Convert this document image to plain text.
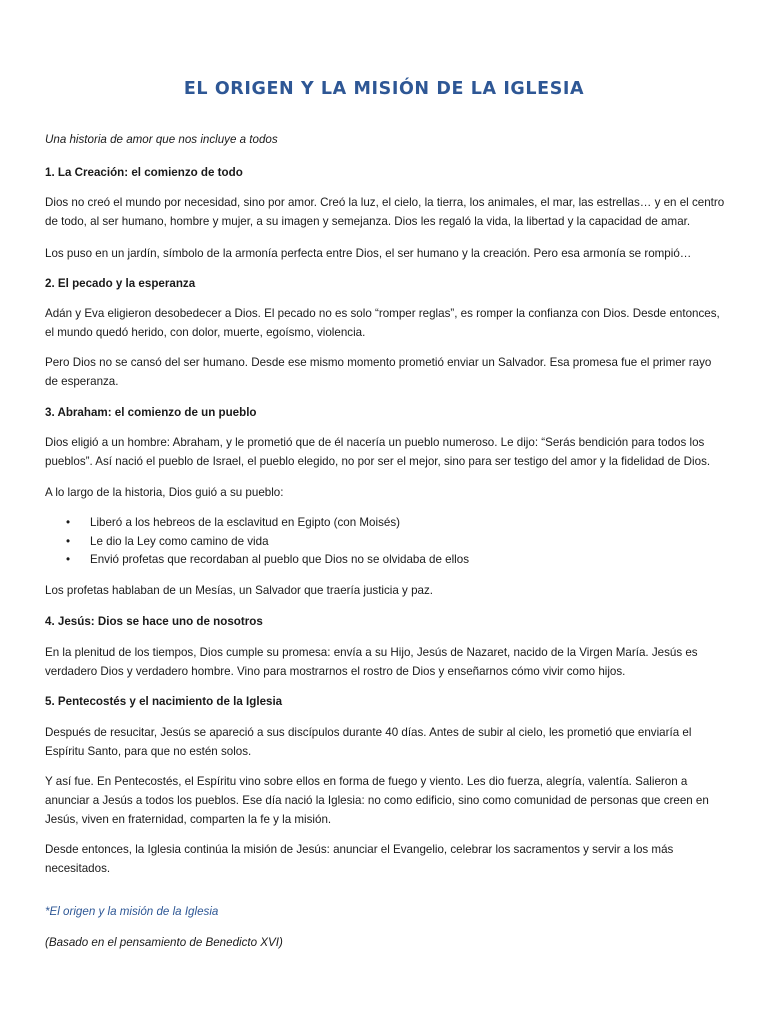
EL ORIGEN Y LA MISIÓN DE LA IGLESIA

Una historia de amor que nos incluye a todos

1. La Creación: el comienzo de todo

Dios no creó el mundo por necesidad, sino por amor. Creó la luz, el cielo, la tierra, los animales, el mar, las estrellas… y en el centro de todo, al ser humano, hombre y mujer, a su imagen y semejanza. Dios les regaló la vida, la libertad y la capacidad de amar.

Los puso en un jardín, símbolo de la armonía perfecta entre Dios, el ser humano y la creación. Pero esa armonía se rompió…

2. El pecado y la esperanza

Adán y Eva eligieron desobedecer a Dios. El pecado no es solo “romper reglas”, es romper la confianza con Dios. Desde entonces, el mundo quedó herido, con dolor, muerte, egoísmo, violencia.

Pero Dios no se cansó del ser humano. Desde ese mismo momento prometió enviar un Salvador. Esa promesa fue el primer rayo de esperanza.

3. Abraham: el comienzo de un pueblo

Dios eligió a un hombre: Abraham, y le prometió que de él nacería un pueblo numeroso. Le dijo: “Serás bendición para todos los pueblos”. Así nació el pueblo de Israel, el pueblo elegido, no por ser el mejor, sino para ser testigo del amor y la fidelidad de Dios.

A lo largo de la historia, Dios guió a su pueblo:

• Liberó a los hebreos de la esclavitud en Egipto (con Moisés)
• Le dio la Ley como camino de vida
• Envió profetas que recordaban al pueblo que Dios no se olvidaba de ellos

Los profetas hablaban de un Mesías, un Salvador que traería justicia y paz.

4. Jesús: Dios se hace uno de nosotros

En la plenitud de los tiempos, Dios cumple su promesa: envía a su Hijo, Jesús de Nazaret, nacido de la Virgen María. Jesús es verdadero Dios y verdadero hombre. Vino para mostrarnos el rostro de Dios y enseñarnos cómo vivir como hijos.

5. Pentecostés y el nacimiento de la Iglesia

Después de resucitar, Jesús se apareció a sus discípulos durante 40 días. Antes de subir al cielo, les prometió que enviaría el Espíritu Santo, para que no estén solos.

Y así fue. En Pentecostés, el Espíritu vino sobre ellos en forma de fuego y viento. Les dio fuerza, alegría, valentía. Salieron a anunciar a Jesús a todos los pueblos. Ese día nació la Iglesia: no como edificio, sino como comunidad de personas que creen en Jesús, viven en fraternidad, comparten la fe y la misión.

Desde entonces, la Iglesia continúa la misión de Jesús: anunciar el Evangelio, celebrar los sacramentos y servir a los más necesitados.

*El origen y la misión de la Iglesia

(Basado en el pensamiento de Benedicto XVI)
